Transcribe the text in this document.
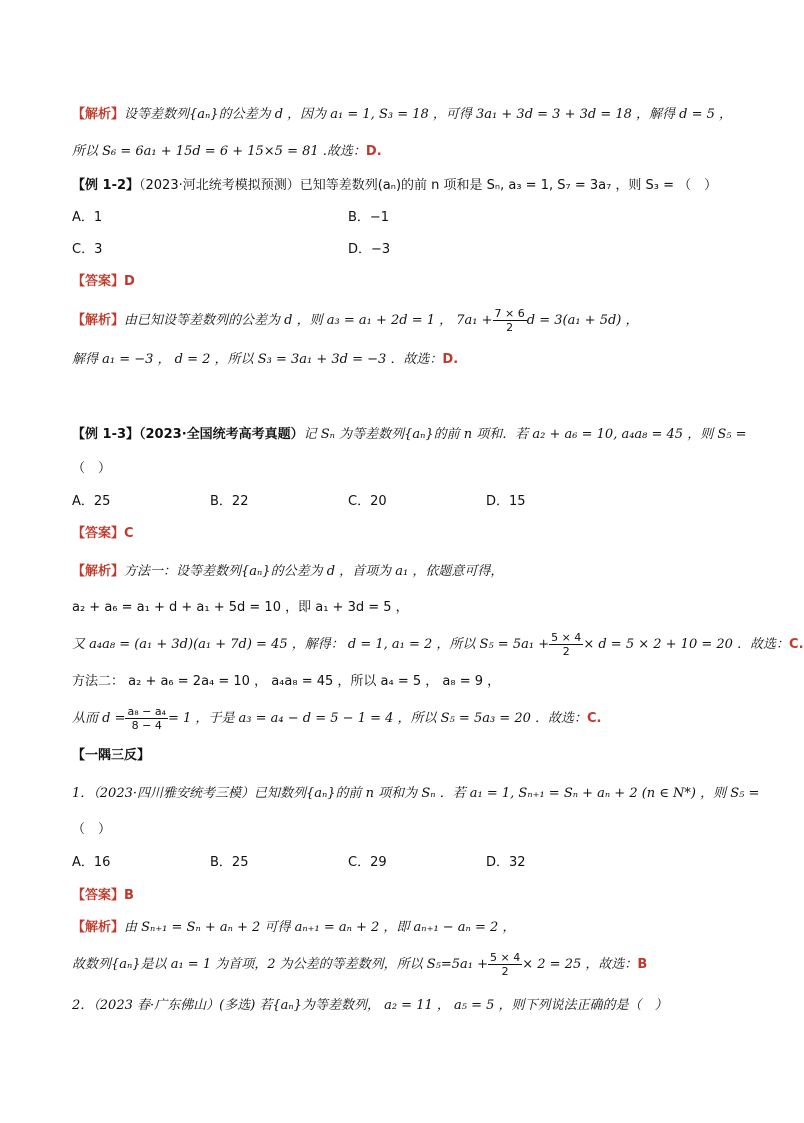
【解析】设等差数列{aₙ}的公差为 d ，因为 a₁ = 1, S₃ = 18 ，可得 3a₁ + 3d = 3 + 3d = 18 ，解得 d = 5 ，
所以 S₆ = 6a₁ + 15d = 6 + 15×5 = 81 .故选：D.
【例 1-2】（2023·河北统考模拟预测）已知等差数列(aₙ)的前 n 项和是 Sₙ, a₃ = 1, S₇ = 3a₇ ，则 S₃ = （　）
A．1	B．−1
C．3	D．−3
【答案】D
【解析】由已知设等差数列的公差为 d ，则 a₃ = a₁ + 2d = 1 ， $7a_1 + \frac{7 \times 6}{2}$ d = 3(a₁ + 5d) ，
解得 a₁ = −3 ， d = 2 ，所以 S₃ = 3a₁ + 3d = −3 ．故选：D.
【例 1-3】（2023·全国统考高考真题）记 Sₙ 为等差数列{aₙ}的前 n 项和．若 a₂ + a₆ = 10, a₄a₈ = 45 ，则 S₅ =
（　）
A．25	B．22	C．20	D．15
【答案】C
【解析】方法一：设等差数列{aₙ}的公差为 d ，首项为 a₁ ，依题意可得，
a₂ + a₆ = a₁ + d + a₁ + 5d = 10 ，即 a₁ + 3d = 5 ，
又 a₄a₈ = (a₁ + 3d)(a₁ + 7d) = 45 ，解得： d = 1, a₁ = 2 ，所以 $S_5 = 5a_1 + \frac{5 \times 4}{2} \times d = 5 \times 2 + 10 = 20$ ．故选：C.
方法二： a₂ + a₆ = 2a₄ = 10 ， a₄a₈ = 45 ，所以 a₄ = 5 ， a₈ = 9 ，
从而 $d = \frac{\text{a₈ − a₄}}{8 - 4} = 1$ ，于是 a₃ = a₄ − d = 5 − 1 = 4 ，所以 S₅ = 5a₃ = 20 ．故选：C.
【一隅三反】
1．（2023·四川雅安统考三模）已知数列{aₙ}的前 n 项和为 Sₙ ．若 a₁ = 1, Sₙ₊₁ = Sₙ + aₙ + 2 (n ∈ N*) ，则 S₅ =
（　）
A．16	B．25	C．29	D．32
【答案】B
【解析】由 Sₙ₊₁ = Sₙ + aₙ + 2 可得 aₙ₊₁ = aₙ + 2 ，即 aₙ₊₁ − aₙ = 2 ，
故数列{aₙ}是以 a₁ = 1 为首项，2 为公差的等差数列，所以 $S_5=5a_1 + \frac{5 \times 4}{2} \times 2 = 25$ ，故选：B
2．（2023 春·广东佛山）(多选) 若{aₙ}为等差数列， a₂ = 11 ， a₅ = 5 ，则下列说法正确的是（　）
